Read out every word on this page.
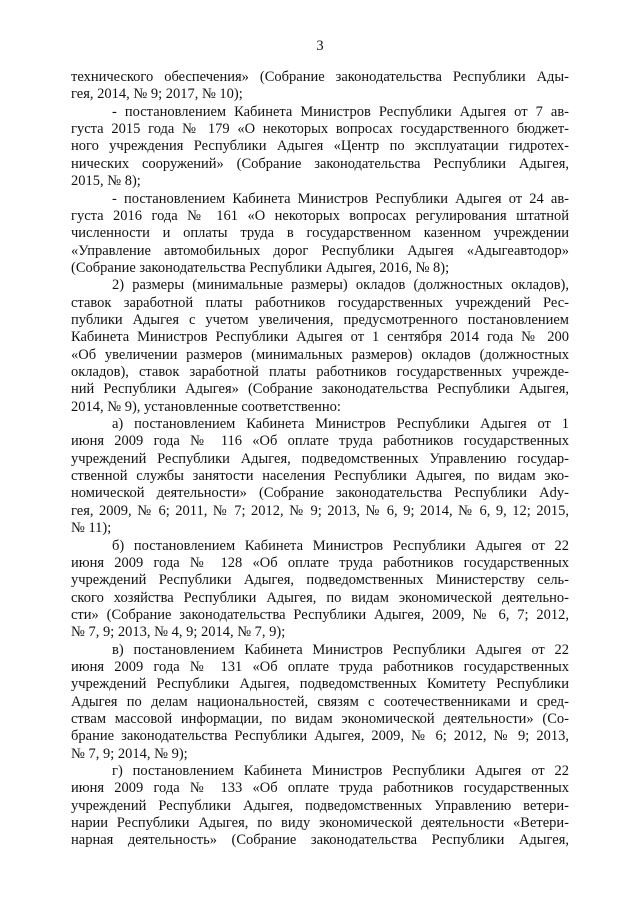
3
технического обеспечения» (Собрание законодательства Республики Ады-
гея, 2014, № 9; 2017, № 10);
- постановлением Кабинета Министров Республики Адыгея от 7 ав-
густа 2015 года № 179 «О некоторых вопросах государственного бюджет-
ного учреждения Республики Адыгея «Центр по эксплуатации гидротех-
нических сооружений» (Собрание законодательства Республики Адыгея,
2015, № 8);
- постановлением Кабинета Министров Республики Адыгея от 24 ав-
густа 2016 года № 161 «О некоторых вопросах регулирования штатной
численности и оплаты труда в государственном казенном учреждении
«Управление автомобильных дорог Республики Адыгея «Адыгеавтодор»
(Собрание законодательства Республики Адыгея, 2016, № 8);
2) размеры (минимальные размеры) окладов (должностных окладов),
ставок заработной платы работников государственных учреждений Рес-
публики Адыгея с учетом увеличения, предусмотренного постановлением
Кабинета Министров Республики Адыгея от 1 сентября 2014 года № 200
«Об увеличении размеров (минимальных размеров) окладов (должностных
окладов), ставок заработной платы работников государственных учрежде-
ний Республики Адыгея» (Собрание законодательства Республики Адыгея,
2014, № 9), установленные соответственно:
а) постановлением Кабинета Министров Республики Адыгея от 1
июня 2009 года № 116 «Об оплате труда работников государственных
учреждений Республики Адыгея, подведомственных Управлению государ-
ственной службы занятости населения Республики Адыгея, по видам эко-
номической деятельности» (Собрание законодательства Республики Ady-
гея, 2009, № 6; 2011, № 7; 2012, № 9; 2013, № 6, 9; 2014, № 6, 9, 12; 2015,
№ 11);
б) постановлением Кабинета Министров Республики Адыгея от 22
июня 2009 года № 128 «Об оплате труда работников государственных
учреждений Республики Адыгея, подведомственных Министерству сель-
ского хозяйства Республики Адыгея, по видам экономической деятельно-
сти» (Собрание законодательства Республики Адыгея, 2009, № 6, 7; 2012,
№ 7, 9; 2013, № 4, 9; 2014, № 7, 9);
в) постановлением Кабинета Министров Республики Адыгея от 22
июня 2009 года № 131 «Об оплате труда работников государственных
учреждений Республики Адыгея, подведомственных Комитету Республики
Адыгея по делам национальностей, связям с соотечественниками и сред-
ствам массовой информации, по видам экономической деятельности» (Со-
брание законодательства Республики Адыгея, 2009, № 6; 2012, № 9; 2013,
№ 7, 9; 2014, № 9);
г) постановлением Кабинета Министров Республики Адыгея от 22
июня 2009 года № 133 «Об оплате труда работников государственных
учреждений Республики Адыгея, подведомственных Управлению ветери-
нарии Республики Адыгея, по виду экономической деятельности «Ветери-
нарная деятельность» (Собрание законодательства Республики Адыгея,
